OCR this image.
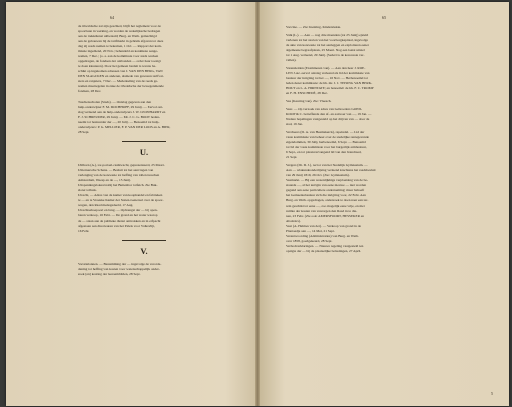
64
de tilwaldsche zal zijn geschied, blijft het reglement voor de
spoorbaan in werking, en worden de wekelijksche bedragen
aan de trekkdienst uitbetaald; Burg. en Weth. gemachtigd
aan de gebouwen bij de tarifmarkt in gebruik afgaven tot deze
dag zij reeds nemen te bekomen, 1 Oct. — Rapport der kom-
missie ingediend, 20 Nov.; behandeld en konklusie aange-
nomen, 7 Dec.; (o. a. aan de kommissie voor stads werken
opgedragen, de fondsen der ontbonden — order haar toezigt
te doen kleuteren). Door het gemeen besluit is tevens be-
schikt op ingekomen adressen van J. VAN DEN BERG, VAN
DEN SLAGCKEN en anderen, alsmede van gewezen tarifval-
sters en ranjeiers, 7 Dec. — Mededeeling van de reeds ge-
nomen maatregelen in zake de tilwaldsche der bewegenmende
fondsen, 28 Dec.
Tuschenscholen (Stads). — Ontslag gegeven aan den
hulp-onderwijzer F. M. DOCHHOFF, 29 Junij. — Eervol ont-
slag verleend aan de hulp-onderwijzers J. W. LEONHARDT en
F. J. SCHREUDER, 29 Junij. — Mr. J. C. G. BOOT bedan-
neemt tot bestuurder der —, 20 Julij. — Benoemd tot hulp-
onderwijzers: P. G. MELLIER, F. P. VAN DER LOOS en A. BIER,
28 Sept.

U.

Uhlhorn (A.), tor-portaal-cashtwacht, geprezenteerd, 25 Maart.
Uitternersche Schans. — Besluit tot het aanvragen van
verlenging van de koncessie tot heffing van tollen tusschen
Amsterdam, Weesp en de —, 15 Junij.
Uitspanningslokaal nabij het Buitenltor tolfeich. Zie Buk-
sloter tolhuis.
Utrecht, — Adres van de kamer van koophandel en fabrieken
te — en te Vreeuke Kamer der Staten-Generaal over de spoor-
wegen, den Raad medegedeeld, 17 Aug.
Utrechtsehoepoort en brug. — Opbrengst der — bij open-
baren verkoop, 16 Febr. — De grond en het water waarop
de — staan aan de publieke dienst onttrokken en in erfpacht
afgestaan aan directeuren van het Paleis voor Volksvlijt,
16 Febr.

V.

Vacatielonnen. — Bestemming der — ingevolge de verorde-
dening tot heffing van kosten voor wetenschappelijk onder-
zoek [en] kosting der leeraambilden, 28 Sept.
65
Vaccine. — Zie: Inenting, Kinderziekte.
Valk (L.). — Aan — nog drie maanden (tot 25 Junij) ejsteld
verlenen tot het storten van het voorborgkapitaal, ingevolge
de akte van koncessie tot het aanleggen en exploiteren eener
algemeene begraafplaats, 25 Maart. Nog een laatst uitstel
tot 1 Aug. verleend, 29 Junij. (Sedert is de koncessie ver-
vallen).
Varensleiden (Examineren van). — Aan den heer J. ROE-
LEN J.Az. eervol ontslag verleend als lid der kommissie van
bestuur der inrigting tot het —, 16 Nov. — Herbenoemd tot
leden dezer kommissie: de hh. mr. J. J. TEISING VAN BERK-
HOUT en L. A. HIRNTATE; en benoemd: de hh. F. C. TROMP
en F. H. ENSCHEDÉ, 28 Dec.
Vee (Keuring van). Zie: Vleesch.
Veer. — Op verzoek van adres van Gebroeders GOED-
KOOP & C. betreffende den af- en aanvoer van —, 19 Jan. —
Nadere bepalingen vastgesteld op het drijven van — door de
stad, 19 Jan.
Vercheers (D. A. van Heemskerck), rapeladel. — Lid der
vaste kommissie van beheer over de stedelijke rentegevende
eigendommen, 30 Julij, herbenoemd, 6 Sept. — Benoemd
tot lid der vaste kommissie voor het burgerlijk armbestuur,
6 Sept., en tot plaatsvervangend lid van den brandraad,
21 Sept.
Vergers (Dr. D. J.), rector van het Stedelijk Gymnasium. —
Aan — wiskundeonderlijsing verleend krachtens het raadsbesluit
van 29 Junij 1819, 26 Oct. (Zie: Gymnasium).
Veemarkt. — Bij een wezenlijkhige verplaatsing van de be-
staande —, al het terrigin van eene nieuwe — niet worden
gegund aan eene particuliere onderneming; maar behoeft
het Gemeentebestuur zich die inrigting voor, 22 Febr. Aan
Burg. en Weth. opgedragen, onderzoek te doen naar een ter-
rein geschikt tot eene —, zoo mogelijk eene vrije, en met
ruimte der kosten van verzorgen den Raad in te die-
nen, 23 Febr. (Zie ook: AMERSFOORT, HESSEKER en
Abattoirs).
Veet (A. Helmes van der). — Verkoop van grond in de
Plantaadje aan —, 14 Mei, 21 Sept.
Verantwoording (Administraties) van Burg. en Weth.
over 1858, goedgekeurd, 28 Sept.
Verbodverklaringen. — Nieuwe regeling vastgesteld ten
opzigte der — bij de plaatselijke belastingen, 27 April.
5
